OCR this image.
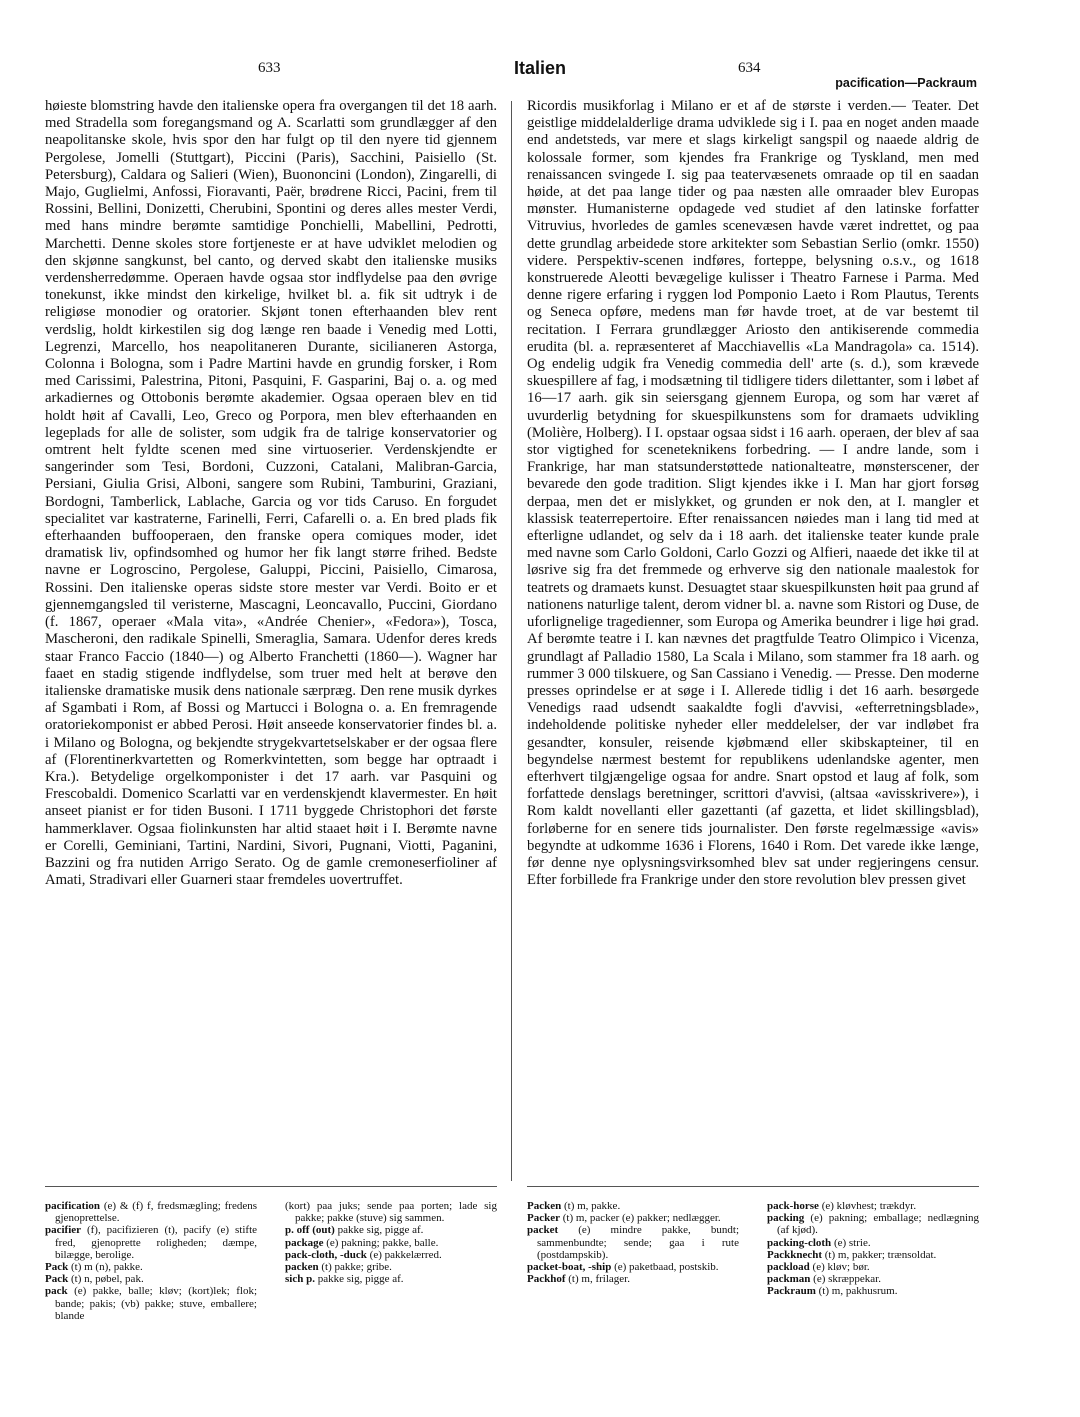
633	Italien	634
pacification—Packraum
høieste blomstring havde den italienske opera fra overgangen til det 18 aarh. med Stradella som foregangsmand og A. Scarlatti som grundlægger af den neapolitanske skole, hvis spor den har fulgt op til den nyere tid gjennem Pergolese, Jomelli (Stuttgart), Piccini (Paris), Sacchini, Paisiello (St. Petersburg), Caldara og Salieri (Wien), Buononcini (London), Zingarelli, di Majo, Guglielmi, Anfossi, Fioravanti, Paër, brødrene Ricci, Pacini, frem til Rossini, Bellini, Donizetti, Cherubini, Spontini og deres alles mester Verdi, med hans mindre berømte samtidige Ponchielli, Mabellini, Pedrotti, Marchetti. Denne skoles store fortjeneste er at have udviklet melodien og den skjønne sangkunst, bel canto, og derved skabt den italienske musiks verdensherredømme. Operaen havde ogsaa stor indflydelse paa den øvrige tonekunst, ikke mindst den kirkelige, hvilket bl. a. fik sit udtryk i de religiøse monodier og oratorier. Skjønt tonen efterhaanden blev rent verdslig, holdt kirkestilen sig dog længe ren baade i Venedig med Lotti, Legrenzi, Marcello, hos neapolitaneren Durante, sicilianeren Astorga, Colonna i Bologna, som i Padre Martini havde en grundig forsker, i Rom med Carissimi, Palestrina, Pitoni, Pasquini, F. Gasparini, Baj o. a. og med arkadiernes og Ottobonis berømte akademier. Ogsaa operaen blev en tid holdt høit af Cavalli, Leo, Greco og Porpora, men blev efterhaanden en legeplads for alle de solister, som udgik fra de talrige konservatorier og omtrent helt fyldte scenen med sine virtuoserier. Verdenskjendte er sangerinder som Tesi, Bordoni, Cuzzoni, Catalani, Malibran-Garcia, Persiani, Giulia Grisi, Alboni, sangere som Rubini, Tamburini, Graziani, Bordogni, Tamberlick, Lablache, Garcia og vor tids Caruso. En forgudet specialitet var kastraterne, Farinelli, Ferri, Cafarelli o. a. En bred plads fik efterhaanden buffooperaen, den franske opera comiques moder, idet dramatisk liv, opfindsomhed og humor her fik langt større frihed. Bedste navne er Logroscino, Pergolese, Galuppi, Piccini, Paisiello, Cimarosa, Rossini. Den italienske operas sidste store mester var Verdi. Boito er et gjennemgangsled til veristerne, Mascagni, Leoncavallo, Puccini, Giordano (f. 1867, operaer «Mala vita», «Andrée Chenier», «Fedora»), Tosca, Mascheroni, den radikale Spinelli, Smeraglia, Samara. Udenfor deres kreds staar Franco Faccio (1840—) og Alberto Franchetti (1860—). Wagner har faaet en stadig stigende indflydelse, som truer med helt at berøve den italienske dramatiske musik dens nationale særpræg. Den rene musik dyrkes af Sgambati i Rom, af Bossi og Martucci i Bologna o. a. En fremragende oratoriekomponist er abbed Perosi. Høit anseede konservatorier findes bl. a. i Milano og Bologna, og bekjendte strygekvartetselskaber er der ogsaa flere af (Florentinerkvartetten og Romerkvintetten, som begge har optraadt i Kra.). Betydelige orgelkomponister i det 17 aarh. var Pasquini og Frescobaldi. Domenico Scarlatti var en verdenskjendt klavermester. En høit anseet pianist er for tiden Busoni. I 1711 byggede Christophori det første hammerklaver. Ogsaa fiolinkunsten har altid staaet høit i I. Berømte navne er Corelli, Geminiani, Tartini, Nardini, Sivori, Pugnani, Viotti, Paganini, Bazzini og fra nutiden Arrigo Serato. Og de gamle cremoneserfioliner af Amati, Stradivari eller Guarneri staar fremdeles uovertruffet.
Ricordis musikforlag i Milano er et af de største i verden.— Teater. Det geistlige middelalderlige drama udviklede sig i I. paa en noget anden maade end andetsteds, var mere et slags kirkeligt sangspil og naaede aldrig de kolossale former, som kjendes fra Frankrige og Tyskland, men med renaissancen svingede I. sig paa teatervæsenets omraade op til en saadan høide, at det paa lange tider og paa næsten alle omraader blev Europas mønster. Humanisterne opdagede ved studiet af den latinske forfatter Vitruvius, hvorledes de gamles scenevæsen havde været indrettet, og paa dette grundlag arbeidede store arkitekter som Sebastian Serlio (omkr. 1550) videre. Perspektiv-scenen indføres, forteppe, belysning o.s.v., og 1618 konstruerede Aleotti bevægelige kulisser i Theatro Farnese i Parma. Med denne rigere erfaring i ryggen lod Pomponio Laeto i Rom Plautus, Terents og Seneca opføre, medens man før havde troet, at de var bestemt til recitation. I Ferrara grundlægger Ariosto den antikiserende commedia erudita (bl. a. repræsenteret af Macchiavellis «La Mandragola» ca. 1514). Og endelig udgik fra Venedig commedia dell' arte (s. d.), som krævede skuespillere af fag, i modsætning til tidligere tiders dilettanter, som i løbet af 16—17 aarh. gik sin seiersgang gjennem Europa, og som har været af uvurderlig betydning for skuespilkunstens som for dramaets udvikling (Molière, Holberg). I I. opstaar ogsaa sidst i 16 aarh. operaen, der blev af saa stor vigtighed for sceneteknikens forbedring. — I andre lande, som i Frankrige, har man statsunderstøttede nationalteatre, mønsterscener, der bevarede den gode tradition. Sligt kjendes ikke i I. Man har gjort forsøg derpaa, men det er mislykket, og grunden er nok den, at I. mangler et klassisk teaterrepertoire. Efter renaissancen nøiedes man i lang tid med at efterligne udlandet, og selv da i 18 aarh. det italienske teater kunde prale med navne som Carlo Goldoni, Carlo Gozzi og Alfieri, naaede det ikke til at løsrive sig fra det fremmede og erhverve sig den nationale maalestok for teatrets og dramaets kunst. Desuagtet staar skuespilkunsten høit paa grund af nationens naturlige talent, derom vidner bl. a. navne som Ristori og Duse, de uforlignelige tragedienner, som Europa og Amerika beundrer i lige høi grad. Af berømte teatre i I. kan nævnes det pragtfulde Teatro Olimpico i Vicenza, grundlagt af Palladio 1580, La Scala i Milano, som stammer fra 18 aarh. og rummer 3 000 tilskuere, og San Cassiano i Venedig. — Presse. Den moderne presses oprindelse er at søge i I. Allerede tidlig i det 16 aarh. besørgede Venedigs raad udsendt saakaldte fogli d'avvisi, «efterretningsblade», indeholdende politiske nyheder eller meddelelser, der var indløbet fra gesandter, konsuler, reisende kjøbmænd eller skibskapteiner, til en begyndelse nærmest bestemt for republikens udenlandske agenter, men efterhvert tilgjængelige ogsaa for andre. Snart opstod et laug af folk, som forfattede denslags beretninger, scrittori d'avvisi, (altsaa «avisskrivere»), i Rom kaldt novellanti eller gazettanti (af gazetta, et lidet skillingsblad), forløberne for en senere tids journalister. Den første regelmæssige «avis» begyndte at udkomme 1636 i Florens, 1640 i Rom. Det varede ikke længe, før denne nye oplysningsvirksomhed blev sat under regjeringens censur. Efter forbillede fra Frankrige under den store revolution blev pressen givet

pacification (e) & (f) f, fredsmægling; fredens gjenoprettelse.

pacifier (f), pacifizieren (t), pacify (e) stifte fred, gjenoprette roligheden; dæmpe, bilægge, berolige.

Pack (t) m (n), pakke.

Pack (t) n, pøbel, pak.

pack (e) pakke, balle; kløv; (kort)lek; flok; bande; pakis; (vb) pakke; stuve, emballere; blande

(kort) paa juks; sende paa porten; lade sig pakke; pakke (stuve) sig sammen.

p. off (out) pakke sig, pigge af.

package (e) pakning; pakke, balle.

pack-cloth, -duck (e) pakkelærred.

packen (t) pakke; gribe.

sich p. pakke sig, pigge af.

Packen (t) m, pakke.

Packer (t) m, packer (e) pakker; nedlægger.

packet (e) mindre pakke, bundt; sammenbundte; sende; gaa i rute (postdampskib).

packet-boat, -ship (e) paketbaad, postskib.

Packhof (t) m, frilager.

pack-horse (e) kløvhest; trækdyr.

packing (e) pakning; emballage; nedlægning (af kjød).

packing-cloth (e) strie.

Packknecht (t) m, pakker; trænsoldat.

packload (e) kløv; bør.

packman (e) skræppekar.

Packraum (t) m, pakhusrum.
